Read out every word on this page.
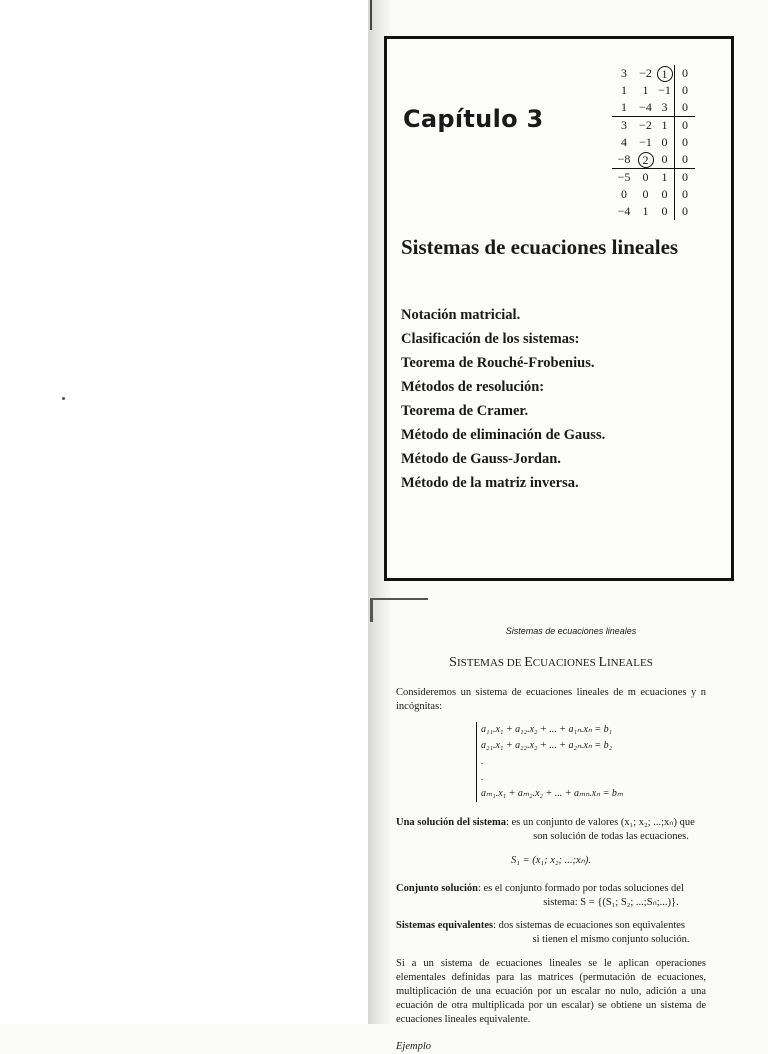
Capítulo 3
3	−2	1	0
1	1	−1	0
1	−4	3	0
3	−2	1	0
4	−1	0	0
−8	2	0	0
−5	0	1	0
0	0	0	0
−4	1	0	0
Sistemas de ecuaciones lineales
Notación matricial.
Clasificación de los sistemas:
Teorema de Rouché-Frobenius.
Métodos de resolución:
Teorema de Cramer.
Método de eliminación de Gauss.
Método de Gauss-Jordan.
Método de la matriz inversa.
Sistemas de ecuaciones lineales
SISTEMAS DE ECUACIONES LINEALES

Consideremos un sistema de ecuaciones lineales de m ecuaciones y n incógnitas:

a₁₁.x₁ + a₁₂.x₂ + ... + a₁ₙ.xₙ = b₁
a₂₁.x₁ + a₂₂.x₂ + ... + a₂ₙ.xₙ = b₂
.
.
aₘ₁.x₁ + aₘ₂.x₂ + ... + aₘₙ.xₙ = bₘ
Una solución del sistema: es un conjunto de valores (x₁; x₂; ...;xₙ) que
son solución de todas las ecuaciones.
S₁ = (x₁; x₂; ...;xₙ).
Conjunto solución: es el conjunto formado por todas soluciones del
sistema: S = {(S₁; S₂; ...;Sₙ;...)}.
Sistemas equivalentes: dos sistemas de ecuaciones son equivalentes
si tienen el mismo conjunto solución.

Si a un sistema de ecuaciones lineales se le aplican operaciones elementales definidas para las matrices (permutación de ecuaciones, multiplicación de una ecuación por un escalar no nulo, adición a una ecuación de otra multiplicada por un escalar) se obtiene un sistema de ecuaciones lineales equivalente.

Ejemplo
